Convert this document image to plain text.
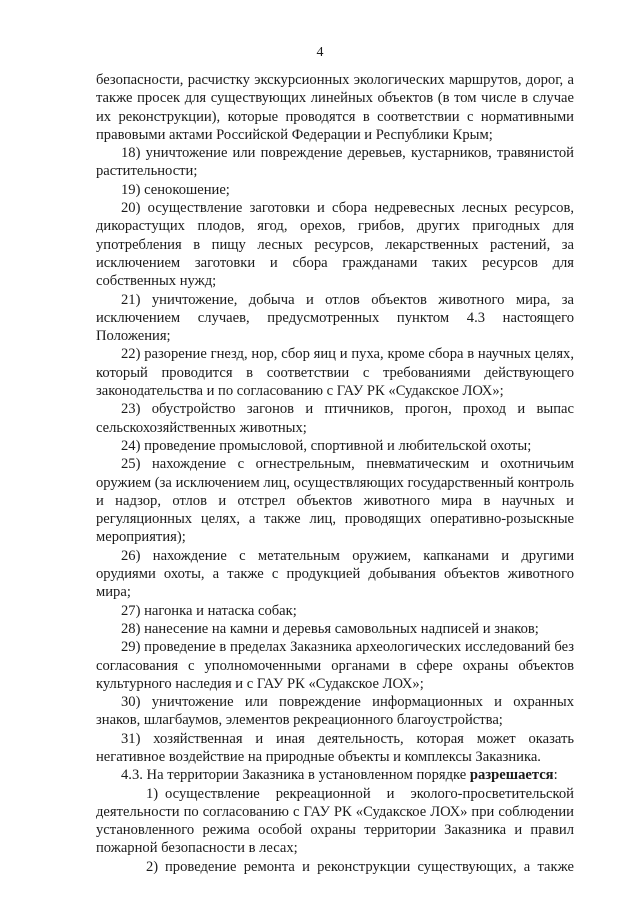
4

безопасности, расчистку экскурсионных экологических маршрутов, дорог, а также просек для существующих линейных объектов (в том числе в случае их реконструкции), которые проводятся в соответствии с нормативными правовыми актами Российской Федерации и Республики Крым;

18) уничтожение или повреждение деревьев, кустарников, травянистой растительности;

19) сенокошение;

20) осуществление заготовки и сбора недревесных лесных ресурсов, дикорастущих плодов, ягод, орехов, грибов, других пригодных для употребления в пищу лесных ресурсов, лекарственных растений, за исключением заготовки и сбора гражданами таких ресурсов для собственных нужд;

21) уничтожение, добыча и отлов объектов животного мира, за исключением случаев, предусмотренных пунктом 4.3 настоящего Положения;

22) разорение гнезд, нор, сбор яиц и пуха, кроме сбора в научных целях, который проводится в соответствии с требованиями действующего законодательства и по согласованию с ГАУ РК «Судакское ЛОХ»;

23) обустройство загонов и птичников, прогон, проход и выпас сельскохозяйственных животных;

24) проведение промысловой, спортивной и любительской охоты;

25) нахождение с огнестрельным, пневматическим и охотничьим оружием (за исключением лиц, осуществляющих государственный контроль и надзор, отлов и отстрел объектов животного мира в научных и регуляционных целях, а также лиц, проводящих оперативно-розыскные мероприятия);

26) нахождение с метательным оружием, капканами и другими орудиями охоты, а также с продукцией добывания объектов животного мира;

27) нагонка и натаска собак;

28) нанесение на камни и деревья самовольных надписей и знаков;

29) проведение в пределах Заказника археологических исследований без согласования с уполномоченными органами в сфере охраны объектов культурного наследия и с ГАУ РК «Судакское ЛОХ»;

30) уничтожение или повреждение информационных и охранных знаков, шлагбаумов, элементов рекреационного благоустройства;

31) хозяйственная и иная деятельность, которая может оказать негативное воздействие на природные объекты и комплексы Заказника.

4.3. На территории Заказника в установленном порядке разрешается:

1) осуществление рекреационной и эколого-просветительской деятельности по согласованию с ГАУ РК «Судакское ЛОХ» при соблюдении установленного режима особой охраны территории Заказника и правил пожарной безопасности в лесах;

2) проведение ремонта и реконструкции существующих, а также
